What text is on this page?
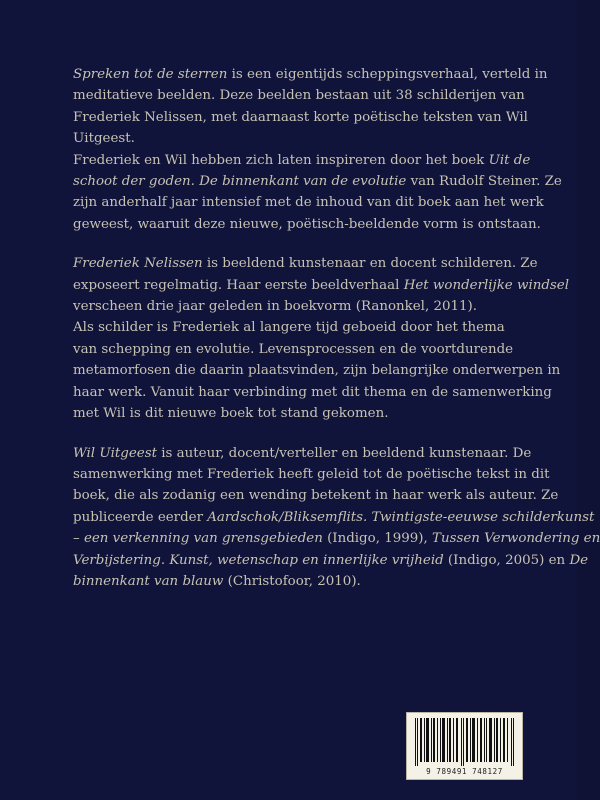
Spreken tot de sterren is een eigentijds scheppingsverhaal, verteld in
meditatieve beelden. Deze beelden bestaan uit 38 schilderijen van
Frederiek Nelissen, met daarnaast korte poëtische teksten van Wil
Uitgeest.
Frederiek en Wil hebben zich laten inspireren door het boek Uit de
schoot der goden. De binnenkant van de evolutie van Rudolf Steiner. Ze
zijn anderhalf jaar intensief met de inhoud van dit boek aan het werk
geweest, waaruit deze nieuwe, poëtisch-beeldende vorm is ontstaan.
Frederiek Nelissen is beeldend kunstenaar en docent schilderen. Ze
exposeert regelmatig. Haar eerste beeldverhaal Het wonderlijke windsel
verscheen drie jaar geleden in boekvorm (Ranonkel, 2011).
Als schilder is Frederiek al langere tijd geboeid door het thema
van schepping en evolutie. Levensprocessen en de voortdurende
metamorfosen die daarin plaatsvinden, zijn belangrijke onderwerpen in
haar werk. Vanuit haar verbinding met dit thema en de samenwerking
met Wil is dit nieuwe boek tot stand gekomen.
Wil Uitgeest is auteur, docent/verteller en beeldend kunstenaar. De
samenwerking met Frederiek heeft geleid tot de poëtische tekst in dit
boek, die als zodanig een wending betekent in haar werk als auteur. Ze
publiceerde eerder Aardschok/Bliksemflits. Twintigste-eeuwse schilderkunst
– een verkenning van grensgebieden (Indigo, 1999), Tussen Verwondering en
Verbijstering. Kunst, wetenschap en innerlijke vrijheid (Indigo, 2005) en De
binnenkant van blauw (Christofoor, 2010).
9 789491 748127
